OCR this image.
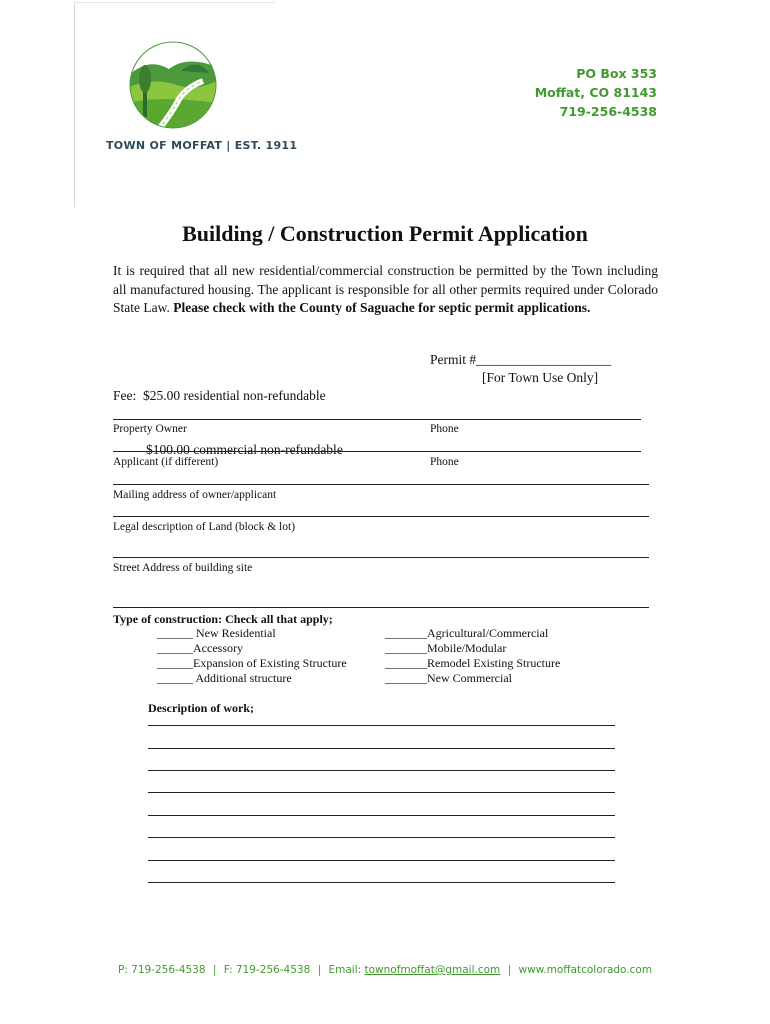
TOWN OF MOFFAT | EST. 1911
PO Box 353
Moffat, CO 81143
719-256-4538
Building / Construction Permit Application
It is required that all new residential/commercial construction be permitted by the Town including all manufactured housing. The applicant is responsible for all other permits required under Colorado State Law. Please check with the County of Saguache for septic permit applications.

Fee:  $25.00 residential non-refundable

$100.00 commercial non-refundable

Permit #____________________
[For Town Use Only]
Property Owner	Phone
Applicant (if different)	Phone
Mailing address of owner/applicant
Legal description of Land (block & lot)
Street Address of building site
Type of construction: Check all that apply;
______ New Residential
______Accessory
______Expansion of Existing Structure
______ Additional structure
_______Agricultural/Commercial
_______Mobile/Modular
_______Remodel Existing Structure
_______New Commercial
Description of work;
P: 719-256-4538 | F: 719-256-4538 | Email: townofmoffat@gmail.com | www.moffatcolorado.com
